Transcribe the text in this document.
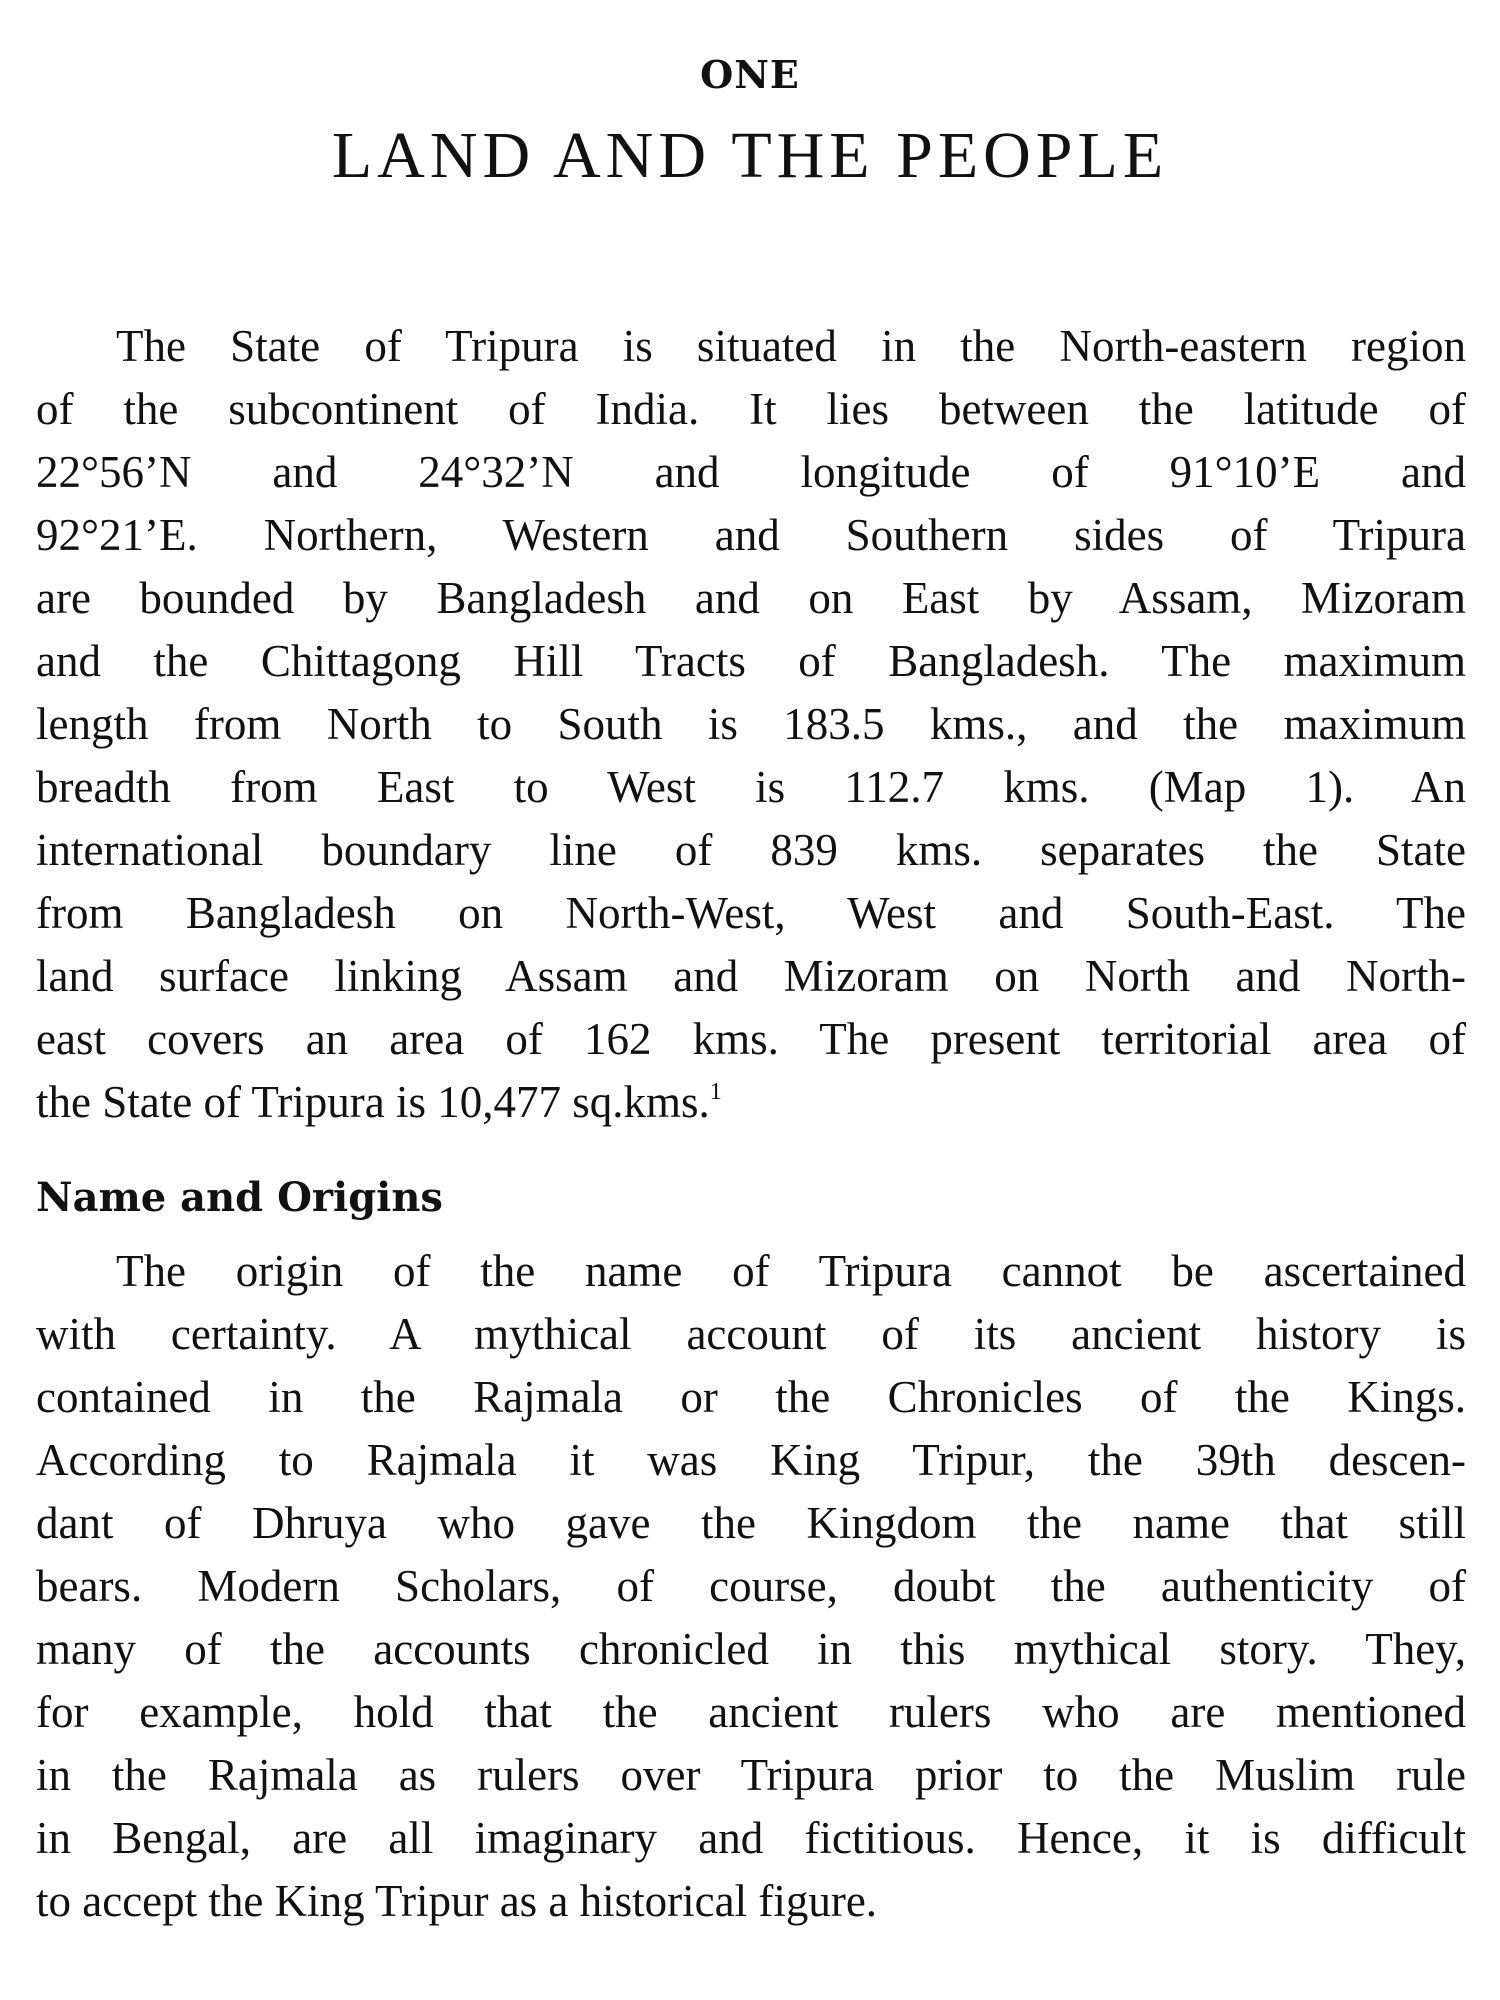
ONE
LAND AND THE PEOPLE
The State of Tripura is situated in the North-eastern region
of the subcontinent of India. It lies between the latitude of
22°56’N and 24°32’N and longitude of 91°10’E and
92°21’E. Northern, Western and Southern sides of Tripura
are bounded by Bangladesh and on East by Assam, Mizoram
and the Chittagong Hill Tracts of Bangladesh. The maximum
length from North to South is 183.5 kms., and the maximum
breadth from East to West is 112.7 kms. (Map 1). An
international boundary line of 839 kms. separates the State
from Bangladesh on North-West, West and South-East. The
land surface linking Assam and Mizoram on North and North-
east covers an area of 162 kms. The present territorial area of
the State of Tripura is 10,477 sq.kms.$^1$
Name and Origins
The origin of the name of Tripura cannot be ascertained
with certainty. A mythical account of its ancient history is
contained in the Rajmala or the Chronicles of the Kings.
According to Rajmala it was King Tripur, the 39th descen-
dant of Dhruya who gave the Kingdom the name that still
bears. Modern Scholars, of course, doubt the authenticity of
many of the accounts chronicled in this mythical story. They,
for example, hold that the ancient rulers who are mentioned
in the Rajmala as rulers over Tripura prior to the Muslim rule
in Bengal, are all imaginary and fictitious. Hence, it is difficult
to accept the King Tripur as a historical figure.
